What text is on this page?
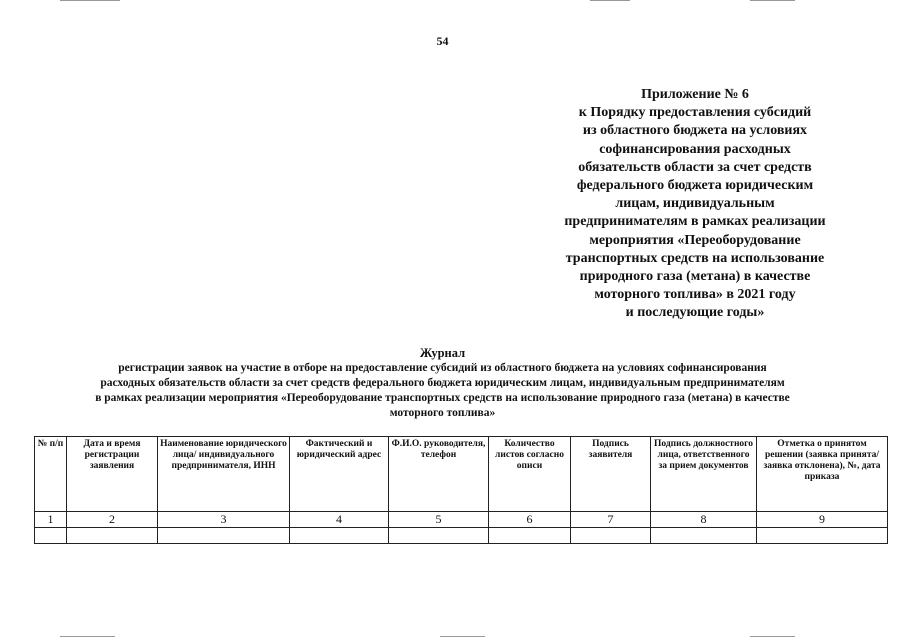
54
Приложение № 6
к Порядку предоставления субсидий
из областного бюджета на условиях
софинансирования расходных
обязательств области за счет средств
федерального бюджета юридическим
лицам, индивидуальным
предпринимателям в рамках реализации
мероприятия «Переоборудование
транспортных средств на использование
природного газа (метана) в качестве
моторного топлива» в 2021 году
и последующие годы»
Журнал
регистрации заявок на участие в отборе на предоставление субсидий из областного бюджета на условиях софинансирования
расходных обязательств области за счет средств федерального бюджета юридическим лицам, индивидуальным предпринимателям
в рамках реализации мероприятия «Переоборудование транспортных средств на использование природного газа (метана) в качестве
моторного топлива»
№ п/п	Дата и время регистрации заявления	Наименование юридического лица/ индивидуального предпринимателя, ИНН	Фактический и юридический адрес	Ф.И.О. руководителя, телефон	Количество листов согласно описи	Подпись заявителя	Подпись должностного лица, ответственного за прием документов	Отметка о принятом решении (заявка принята/заявка отклонена), №, дата приказа
1	2	3	4	5	6	7	8	9
